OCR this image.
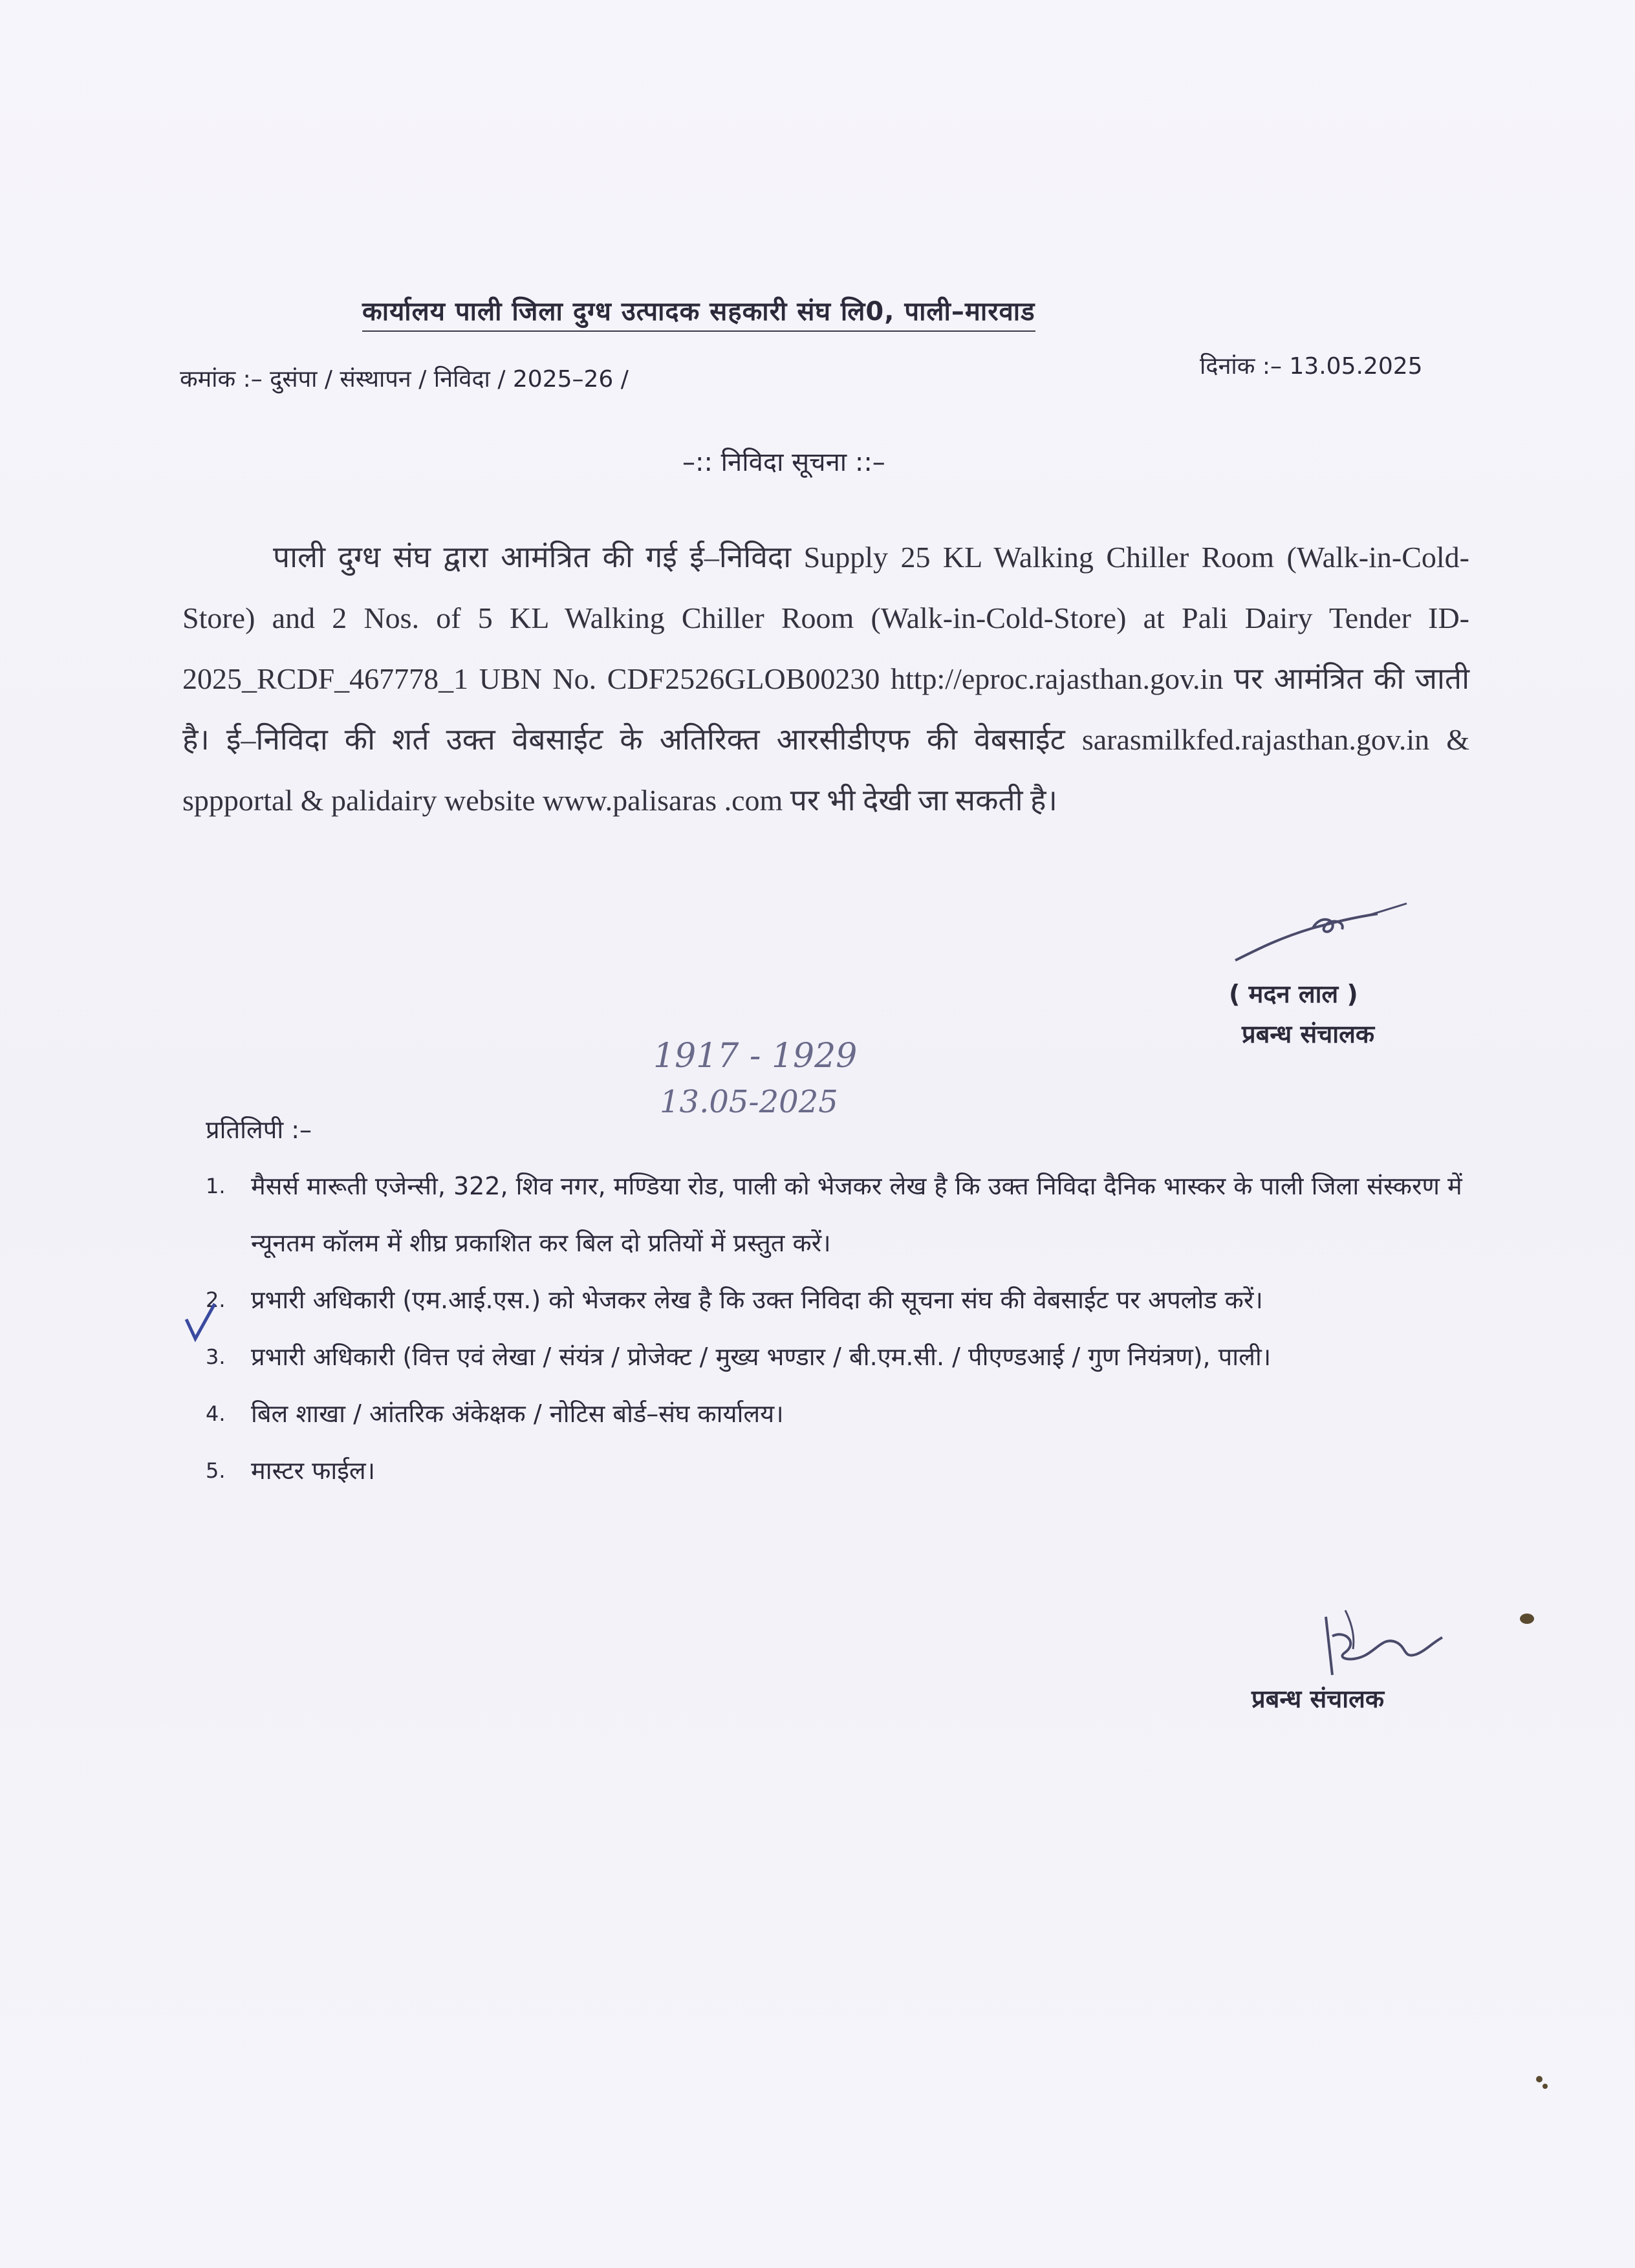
कार्यालय पाली जिला दुग्ध उत्पादक सहकारी संघ लि0, पाली–मारवाड
कमांक :– दुसंपा / संस्थापन / निविदा / 2025–26 /	दिनांक :– 13.05.2025
–:: निविदा सूचना ::–
पाली दुग्ध संघ द्वारा आमंत्रित की गई ई–निविदा Supply 25 KL Walking Chiller Room (Walk-in-Cold-Store) and 2 Nos. of 5 KL Walking Chiller Room (Walk-in-Cold-Store) at Pali Dairy Tender ID- 2025_RCDF_467778_1 UBN No. CDF2526GLOB00230 http://eproc.rajasthan.gov.in पर आमंत्रित की जाती है। ई–निविदा की शर्त उक्त वेबसाईट के अतिरिक्त आरसीडीएफ की वेबसाईट sarasmilkfed.rajasthan.gov.in & sppportal & palidairy website www.palisaras .com पर भी देखी जा सकती है।
( मदन लाल )
प्रबन्ध संचालक
1917 - 1929
13.05-2025
प्रतिलिपी :–
1.	मैसर्स मारूती एजेन्सी, 322, शिव नगर, मण्डिया रोड, पाली को भेजकर लेख है कि उक्त निविदा दैनिक भास्कर के पाली जिला संस्करण में न्यूनतम कॉलम में शीघ्र प्रकाशित कर बिल दो प्रतियों में प्रस्तुत करें।
2.	प्रभारी अधिकारी (एम.आई.एस.) को भेजकर लेख है कि उक्त निविदा की सूचना संघ की वेबसाईट पर अपलोड करें।
3.	प्रभारी अधिकारी (वित्त एवं लेखा / संयंत्र / प्रोजेक्ट / मुख्य भण्डार / बी.एम.सी. / पीएण्डआई / गुण नियंत्रण), पाली।
4.	बिल शाखा / आंतरिक अंकेक्षक / नोटिस बोर्ड–संघ कार्यालय।
5.	मास्टर फाईल।
प्रबन्ध संचालक
